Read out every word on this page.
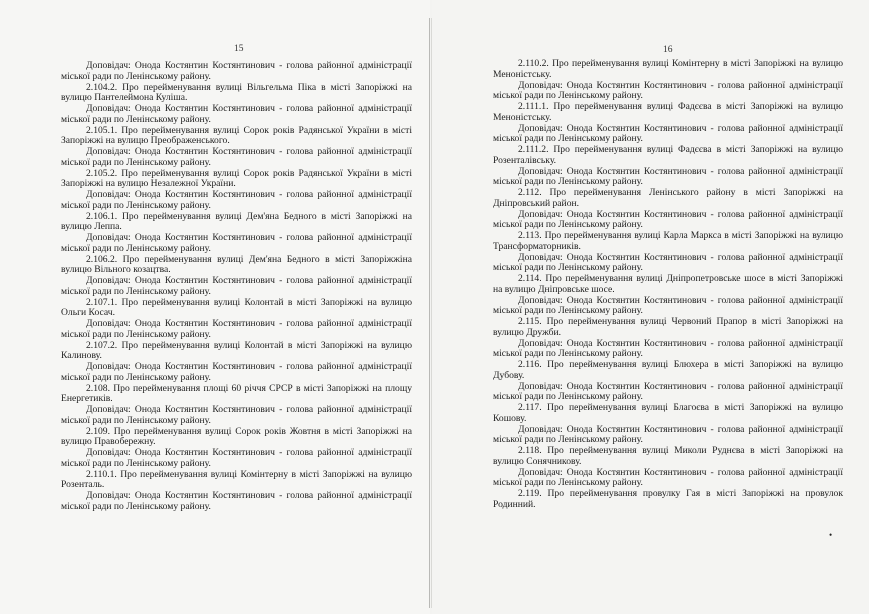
15

Доповідач: Онода Костянтин Костянтинович - голова районної адміністрації міської ради по Ленінському району.

2.104.2. Про перейменування вулиці Вільгельма Піка в місті Запоріжжі на вулицю Пантелеймона Куліша.

Доповідач: Онода Костянтин Костянтинович - голова районної адміністрації міської ради по Ленінському району.

2.105.1. Про перейменування вулиці Сорок років Радянської України в місті Запоріжжі на вулицю Преображенського.

Доповідач: Онода Костянтин Костянтинович - голова районної адміністрації міської ради по Ленінському району.

2.105.2. Про перейменування вулиці Сорок років Радянської України в місті Запоріжжі на вулицю Незалежної України.

Доповідач: Онода Костянтин Костянтинович - голова районної адміністрації міської ради по Ленінському району.

2.106.1. Про перейменування вулиці Дем'яна Бедного в місті Запоріжжі на вулицю Леппа.

Доповідач: Онода Костянтин Костянтинович - голова районної адміністрації міської ради по Ленінському району.

2.106.2. Про перейменування вулиці Дем'яна Бедного в місті Запоріжжіна вулицю Вільного козацтва.

Доповідач: Онода Костянтин Костянтинович - голова районної адміністрації міської ради по Ленінському району.

2.107.1. Про перейменування вулиці Колонтай в місті Запоріжжі на вулицю Ольги Косач.

Доповідач: Онода Костянтин Костянтинович - голова районної адміністрації міської ради по Ленінському району.

2.107.2. Про перейменування вулиці Колонтай в місті Запоріжжі на вулицю Калинову.

Доповідач: Онода Костянтин Костянтинович - голова районної адміністрації міської ради по Ленінському району.

2.108. Про перейменування площі 60 річчя СРСР в місті Запоріжжі на площу Енергетиків.

Доповідач: Онода Костянтин Костянтинович - голова районної адміністрації міської ради по Ленінському району.

2.109. Про перейменування вулиці Сорок років Жовтня в місті Запоріжжі на вулицю Правобережну.

Доповідач: Онода Костянтин Костянтинович - голова районної адміністрації міської ради по Ленінському району.

2.110.1. Про перейменування вулиці Комінтерну в місті Запоріжжі на вулицю Розенталь.

Доповідач: Онода Костянтин Костянтинович - голова районної адміністрації міської ради по Ленінському району.

16

2.110.2. Про перейменування вулиці Комінтерну в місті Запоріжжі на вулицю Меноністську.

Доповідач: Онода Костянтин Костянтинович - голова районної адміністрації міської ради по Ленінському району.

2.111.1. Про перейменування вулиці Фадєєва в місті Запоріжжі на вулицю Меноністську.

Доповідач: Онода Костянтин Костянтинович - голова районної адміністрації міської ради по Ленінському району.

2.111.2. Про перейменування вулиці Фадєєва в місті Запоріжжі на вулицю Розенталівську.

Доповідач: Онода Костянтин Костянтинович - голова районної адміністрації міської ради по Ленінському району.

2.112. Про перейменування Ленінського району в місті Запоріжжі на Дніпровський район.

Доповідач: Онода Костянтин Костянтинович - голова районної адміністрації міської ради по Ленінському району.

2.113. Про перейменування вулиці Карла Маркса в місті Запоріжжі на вулицю Трансформаторників.

Доповідач: Онода Костянтин Костянтинович - голова районної адміністрації міської ради по Ленінському району.

2.114. Про перейменування вулиці Дніпропетровське шосе в місті Запоріжжі на вулицю Дніпровське шосе.

Доповідач: Онода Костянтин Костянтинович - голова районної адміністрації міської ради по Ленінському району.

2.115. Про перейменування вулиці Червоний Прапор в місті Запоріжжі на вулицю Дружби.

Доповідач: Онода Костянтин Костянтинович - голова районної адміністрації міської ради по Ленінському району.

2.116. Про перейменування вулиці Блюхера в місті Запоріжжі на вулицю Дубову.

Доповідач: Онода Костянтин Костянтинович - голова районної адміністрації міської ради по Ленінському району.

2.117. Про перейменування вулиці Благоєва в місті Запоріжжі на вулицю Кошову.

Доповідач: Онода Костянтин Костянтинович - голова районної адміністрації міської ради по Ленінському району.

2.118. Про перейменування вулиці Миколи Руднєва в місті Запоріжжі на вулицю Сонячникову.

Доповідач: Онода Костянтин Костянтинович - голова районної адміністрації міської ради по Ленінському району.

2.119. Про перейменування провулку Гая в місті Запоріжжі на провулок Родинний.

•
